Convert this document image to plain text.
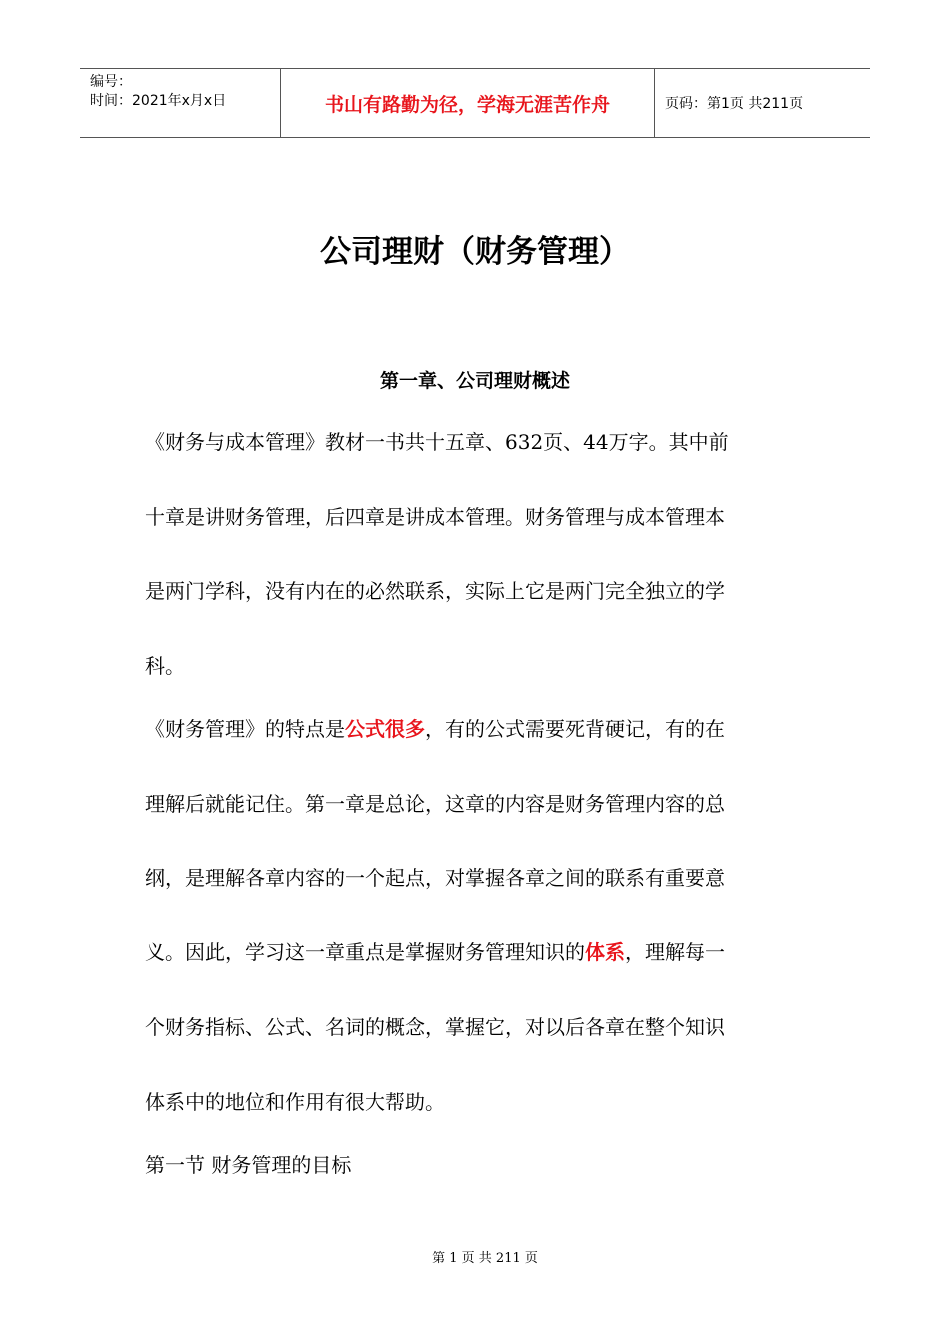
编号：
时间：2021年x月x日	书山有路勤为径，学海无涯苦作舟	页码：第1页 共211页
公司理财（财务管理）
第一章、公司理财概述
《财务与成本管理》教材一书共十五章、632页、44万字。其中前
十章是讲财务管理，后四章是讲成本管理。财务管理与成本管理本
是两门学科，没有内在的必然联系，实际上它是两门完全独立的学
科。
《财务管理》的特点是公式很多，有的公式需要死背硬记，有的在
理解后就能记住。第一章是总论，这章的内容是财务管理内容的总
纲，是理解各章内容的一个起点，对掌握各章之间的联系有重要意
义。因此，学习这一章重点是掌握财务管理知识的体系，理解每一
个财务指标、公式、名词的概念，掌握它，对以后各章在整个知识
体系中的地位和作用有很大帮助。
第一节 财务管理的目标
第 1 页 共 211 页
